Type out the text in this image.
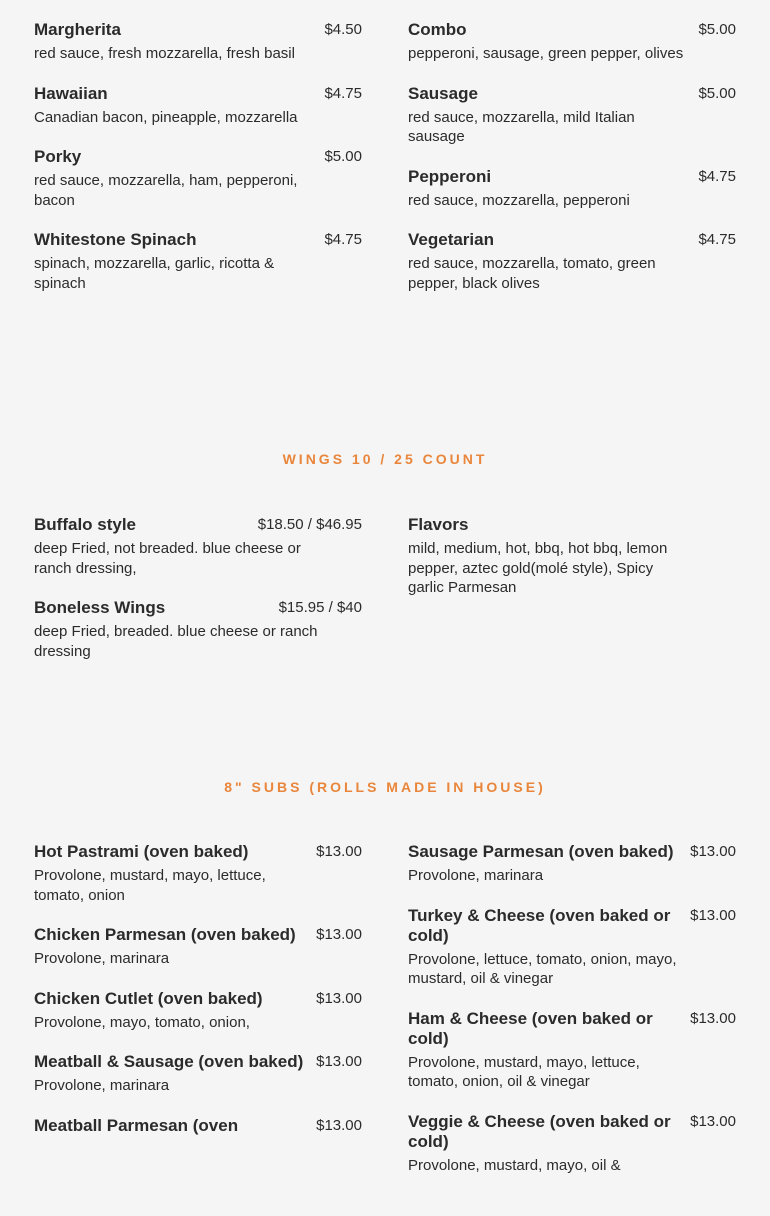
Margherita	$4.50
red sauce, fresh mozzarella, fresh basil
Hawaiian	$4.75
Canadian bacon, pineapple, mozzarella
Porky	$5.00
red sauce, mozzarella, ham, pepperoni, bacon
Whitestone Spinach	$4.75
spinach, mozzarella, garlic, ricotta & spinach
Combo	$5.00
pepperoni, sausage, green pepper, olives
Sausage	$5.00
red sauce, mozzarella, mild Italian sausage
Pepperoni	$4.75
red sauce, mozzarella, pepperoni
Vegetarian	$4.75
red sauce, mozzarella, tomato, green pepper, black olives
WINGS 10 / 25 COUNT
Buffalo style	$18.50 / $46.95
deep Fried, not breaded. blue cheese or ranch dressing,
Boneless Wings	$15.95 / $40
deep Fried, breaded. blue cheese or ranch dressing
Flavors
mild, medium, hot, bbq, hot bbq, lemon pepper, aztec gold(molé style), Spicy garlic Parmesan
8" SUBS (ROLLS MADE IN HOUSE)
Hot Pastrami (oven baked)	$13.00
Provolone, mustard, mayo, lettuce, tomato, onion
Chicken Parmesan (oven baked)	$13.00
Provolone, marinara
Chicken Cutlet (oven baked)	$13.00
Provolone, mayo, tomato, onion,
Meatball & Sausage (oven baked) $13.00
Provolone, marinara
Meatball Parmesan (oven	$13.00
Sausage Parmesan (oven baked)	$13.00
Provolone, marinara
Turkey & Cheese (oven baked or cold)
$13.00
Provolone, lettuce, tomato, onion, mayo, mustard, oil & vinegar
Ham & Cheese (oven baked or cold)
$13.00
Provolone, mustard, mayo, lettuce, tomato, onion, oil & vinegar
Veggie & Cheese (oven baked or cold)
$13.00
Provolone, mustard, mayo, oil &
